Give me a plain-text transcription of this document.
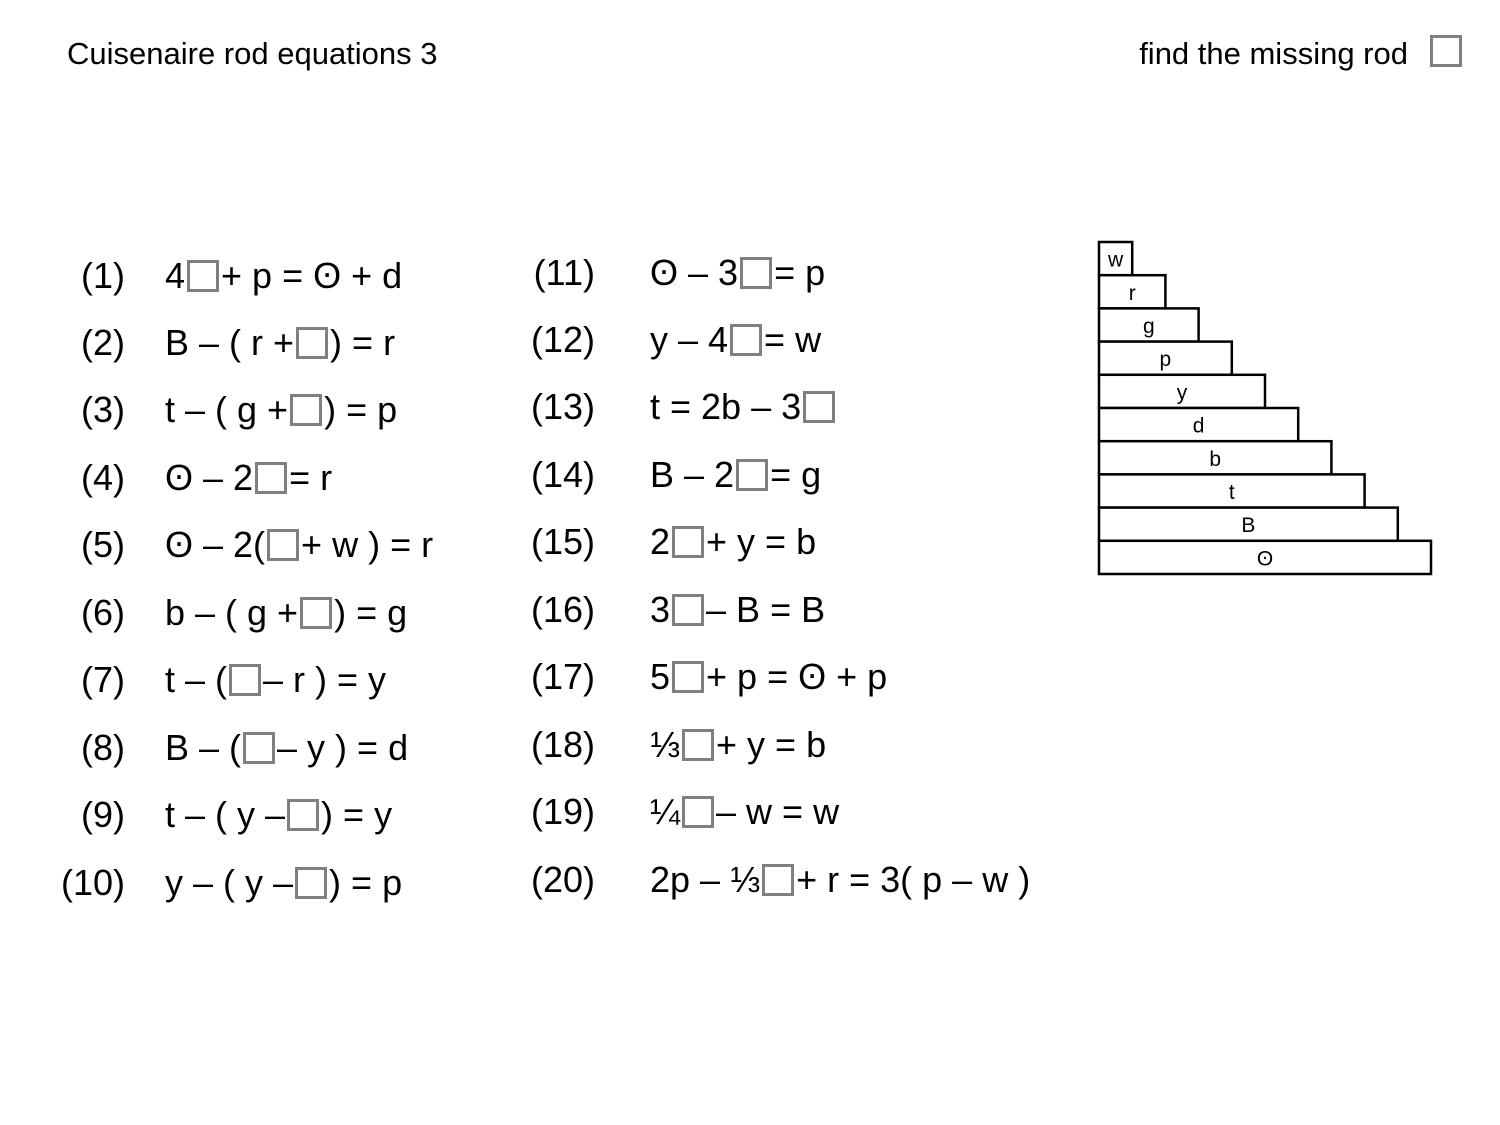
Cuisenaire rod equations 3	find the missing rod
(1) 4 + p = ʘ + d
(2) B – ( r + ) = r
(3) t – ( g + ) = p
(4) ʘ – 2 = r
(5) ʘ – 2( + w ) = r
(6) b – ( g + ) = g
(7) t – ( – r ) = y
(8) B – ( – y ) = d
(9) t – ( y – ) = y
(10) y – ( y – ) = p
(11) ʘ – 3 = p
(12) y – 4 = w
(13) t = 2b – 3
(14) B – 2 = g
(15) 2 + y = b
(16) 3 – B = B
(17) 5 + p = ʘ + p
(18) ⅓ + y = b
(19) ¼ – w = w
(20) 2p – ⅓ + r = 3( p – w )
w
r
g
p
y
d
b
t
B
ʘ
